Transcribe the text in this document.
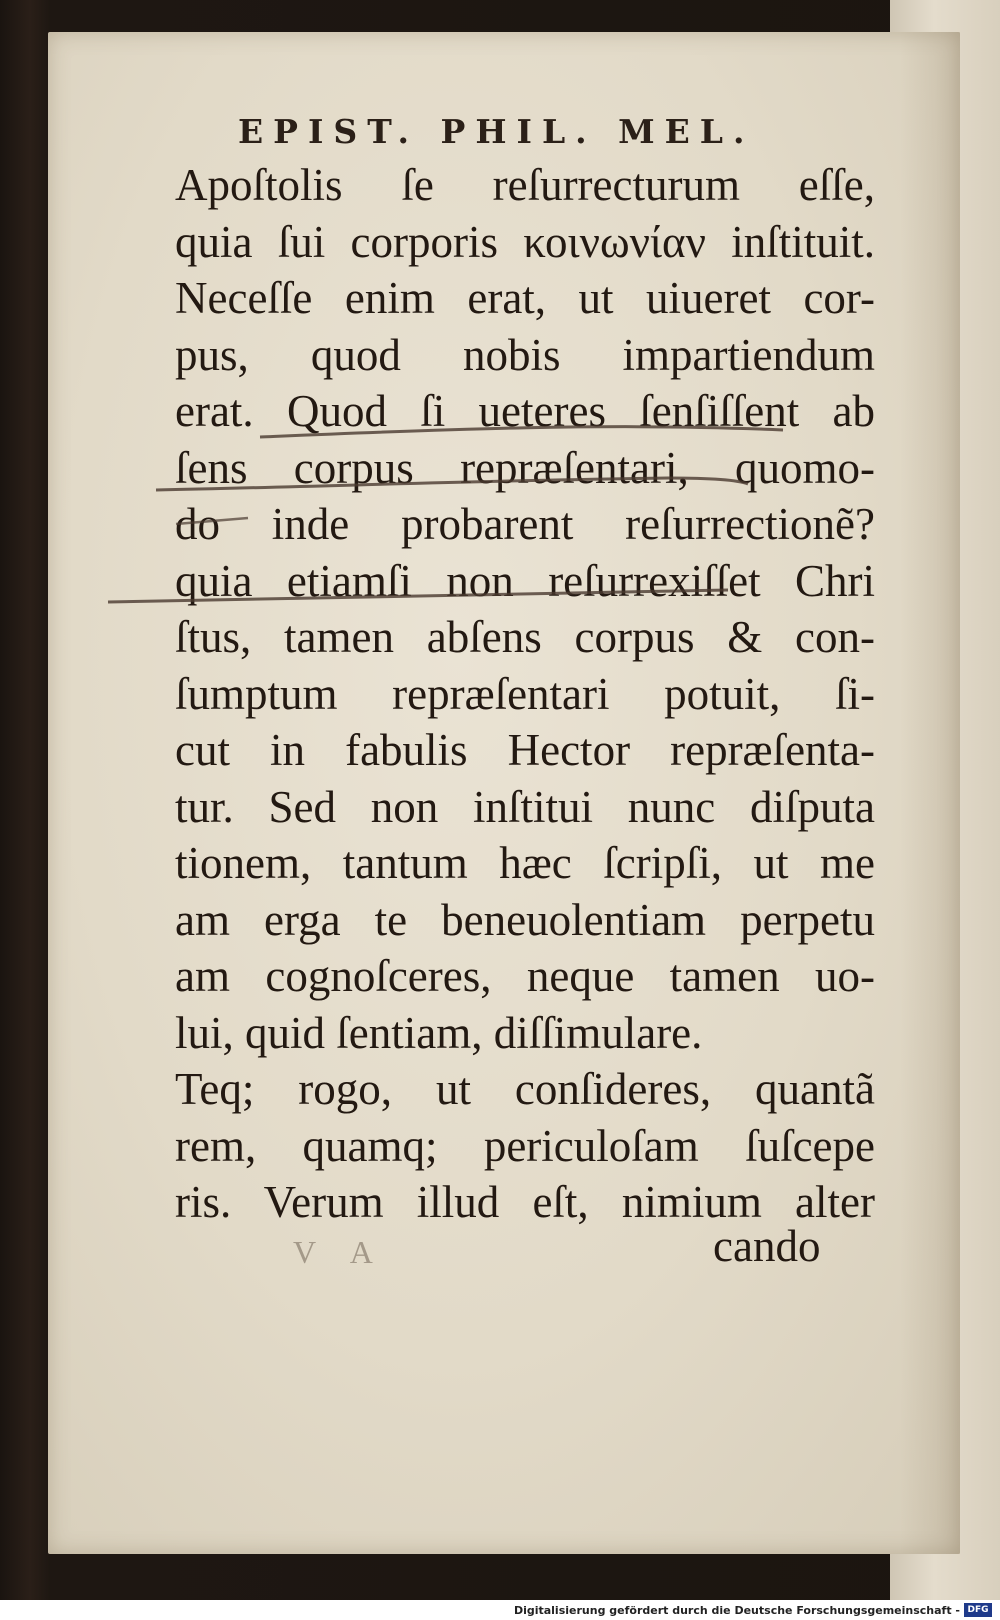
EPIST. PHIL. MEL.
Apoſtolis ſe reſurrecturum eſſe,
quia ſui corporis κοινωνίαν inſtituit.
Neceſſe enim erat, ut uiueret cor-
pus, quod nobis impartiendum
erat. Quod ſi ueteres ſenſiſſent ab
ſens corpus repræſentari, quomo-
do inde probarent reſurrectionẽ?
quia etiamſi non reſurrexiſſet Chri
ſtus, tamen abſens corpus & con-
ſumptum repræſentari potuit, ſi-
cut in fabulis Hector repræſenta-
tur. Sed non inſtitui nunc diſputa
tionem, tantum hæc ſcripſi, ut me
am erga te beneuolentiam perpetu
am cognoſceres, neque tamen uo-
lui, quid ſentiam, diſſimulare.
Teq; rogo, ut conſideres, quantã
rem, quamq; periculoſam ſuſcepe
ris. Verum illud eſt, nimium alter
V A	cando
Digitalisierung gefördert durch die Deutsche Forschungsgemeinschaft - DFG
